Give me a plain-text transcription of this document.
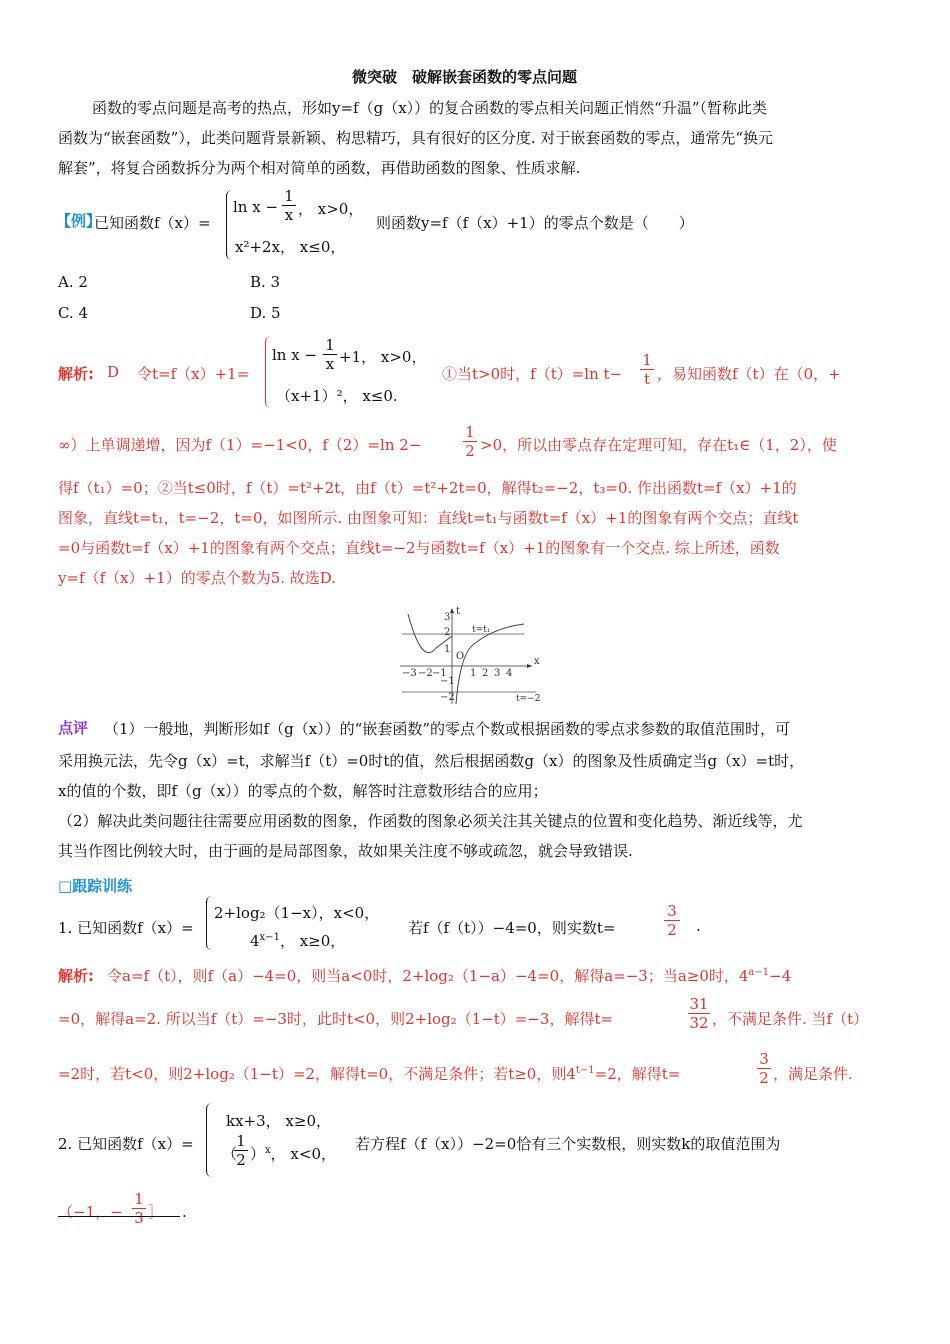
微突破　破解嵌套函数的零点问题
函数的零点问题是高考的热点，形如y=f（g（x））的复合函数的零点相关问题正悄然“升温”（暂称此类
函数为“嵌套函数”），此类问题背景新颖、构思精巧，具有很好的区分度. 对于嵌套函数的零点，通常先“换元
解套”，将复合函数拆分为两个相对简单的函数，再借助函数的图象、性质求解.
【例】
已知函数f（x）=
$\ln x - \frac{1}{x}$ ， x>0，
x²+2x， x≤0，
则函数y=f（f（x）+1）的零点个数是（　　）
A. 2	B. 3
C. 4	D. 5
解析: D 令t=f（x）+1=
$\ln x - \frac{1}{x} +1$， x>0，
（x+1）²， x≤0.
①当t>0时，f（t）=ln $t- \frac{1}{t}$ ，易知函数f（t）在（0，+
∞）上单调递增，因为f（1）=−1<0，f（2）=ln 2−	$\frac{1}{2} >0$，所以由零点存在定理可知，存在t₁∈（1，2），使
得f（t₁）=0；②当t≤0时，f（t）=t²+2t，由f（t）=t²+2t=0，解得t₂=−2，t₃=0. 作出函数t=f（x）+1的
图象，直线t=t₁，t=−2，t=0，如图所示. 由图象可知：直线t=t₁与函数t=f（x）+1的图象有两个交点；直线t
=0与函数t=f（x）+1的图象有两个交点；直线t=−2与函数t=f（x）+1的图象有一个交点. 综上所述，函数
y=f（f（x）+1）的零点个数为5. 故选D.
x
t
O
t=t₁
t=−2
−3 −2 −1 1 2 3 4
3
2
1
−1
−2
点评 （1）一般地，判断形如f（g（x））的“嵌套函数”的零点个数或根据函数的零点求参数的取值范围时，可
采用换元法，先令g（x）=t，求解当f（t）=0时t的值，然后根据函数g（x）的图象及性质确定当g（x）=t时，
x的值的个数，即f（g（x））的零点的个数，解答时注意数形结合的应用；
（2）解决此类问题往往需要应用函数的图象，作函数的图象必须关注其关键点的位置和变化趋势、渐近线等，尤
其当作图比例较大时，由于画的是局部图象，故如果关注度不够或疏忽，就会导致错误.
□跟踪训练
1. 已知函数f（x）=
2+log₂（1−x），x<0，
$4^{x-1}$， x≥0，
若f（f（t））−4=0，则实数t=	$\frac{3}{2}$ .
解析: 令a=f（t），则f（a）−4=0，则当a<0时，2+log₂（1−a）−4=0，解得a=−3；当a≥0时，$4^{a-1}-4$
=0，解得a=2. 所以当f（t）=−3时，此时t<0，则2+log₂（1−t）=−3，解得t=	$\frac{31}{32}$ ，不满足条件. 当f（t）
=2时，若t<0，则2+log₂（1−t）=2，解得t=0，不满足条件；若t≥0，则$4^{t-1}=2$，解得t=	$\frac{3}{2}$ ，满足条件.
2. 已知函数f（x）=
kx+3， x≥0，
（
$\frac{1}{2} )^x$， x<0，
若方程f（f（x））−2=0恰有三个实数根，则实数k的取值范围为
（−1，− $\frac{1}{3}$ ］ .
